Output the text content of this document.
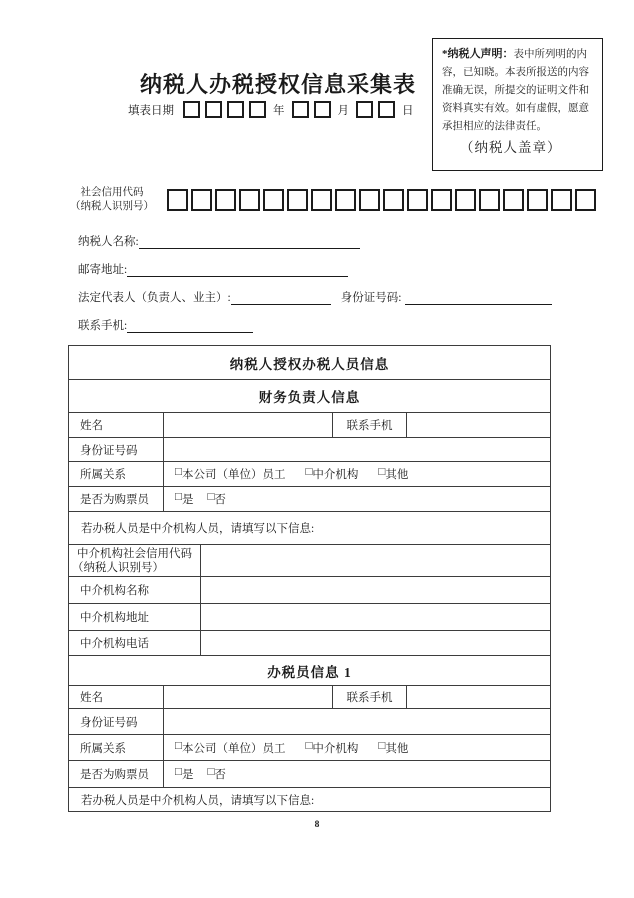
纳税人办税授权信息采集表
填表日期	年	月	日

*纳税人声明：表中所列明的内容，已知晓。本表所报送的内容准确无误，所提交的证明文件和资料真实有效。如有虚假，愿意承担相应的法律责任。

（纳税人盖章）
社会信用代码
（纳税人识别号）
纳税人名称:
邮寄地址:
法定代表人（负责人、业主）:	身份证号码:
联系手机:
纳税人授权办税人员信息
财务负责人信息
姓名	联系手机
身份证号码
所属关系	□ 本公司（单位）员工 □ 中介机构 □ 其他
是否为购票员	□ 是 □ 否
若办税人员是中介机构人员，请填写以下信息:
中介机构社会信用代码
（纳税人识别号）
中介机构名称
中介机构地址
中介机构电话
办税员信息 1
姓名	联系手机
身份证号码
所属关系	□ 本公司（单位）员工 □ 中介机构 □ 其他
是否为购票员	□ 是 □ 否
若办税人员是中介机构人员，请填写以下信息:
8
